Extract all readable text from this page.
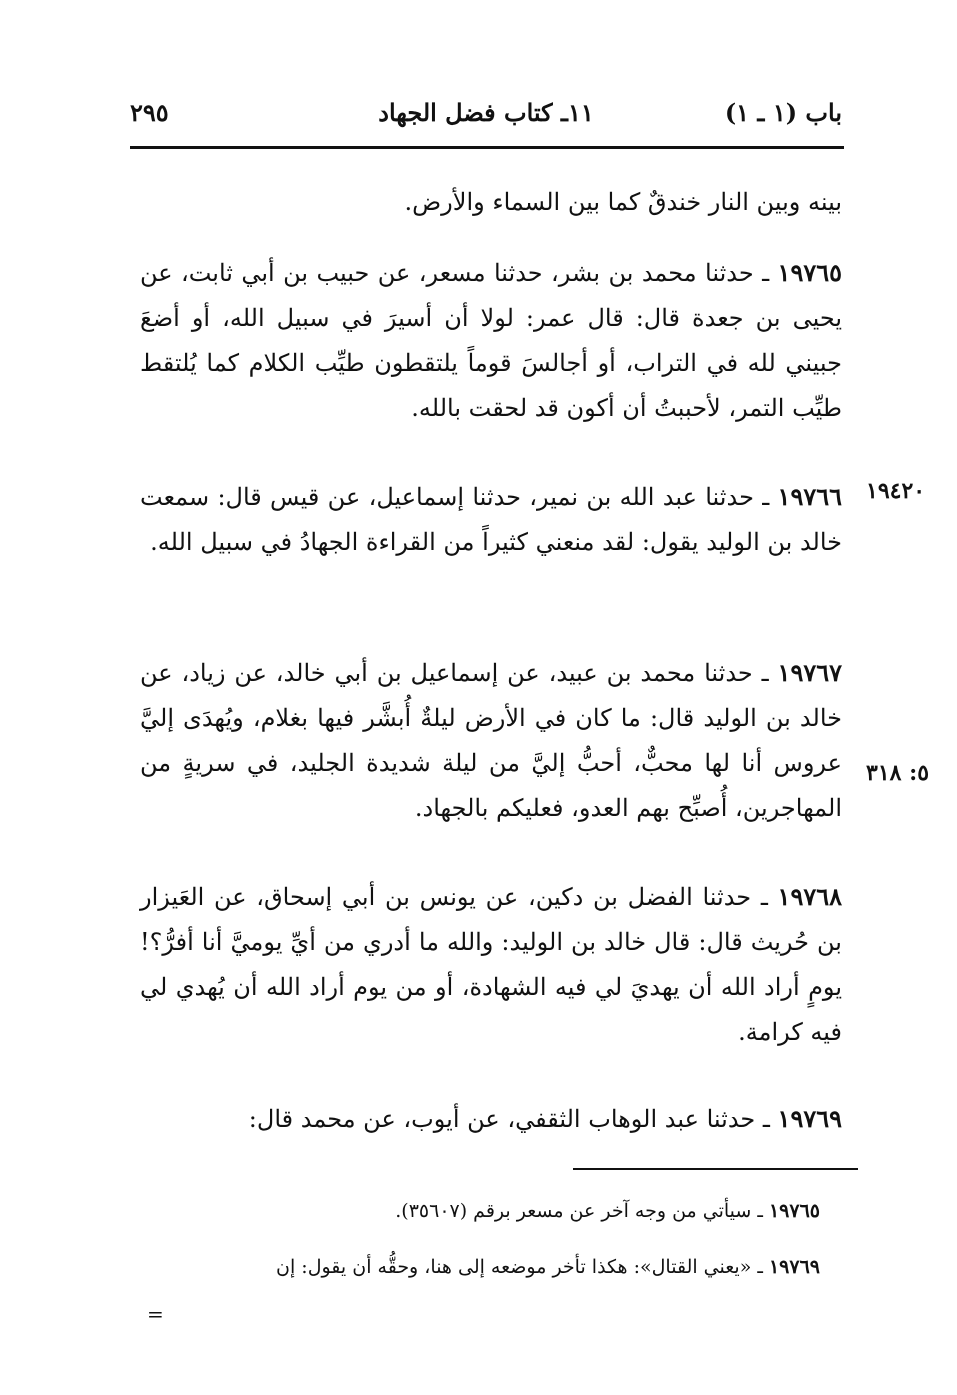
باب (١ ـ ١)
١١ـ كتاب فضل الجهاد
٢٩٥
بينه وبين النار خندقٌ كما بين السماء والأرض.
١٩٧٦٥ ـ حدثنا محمد بن بشر، حدثنا مسعر، عن حبيب بن أبي ثابت، عن يحيى بن جعدة قال: قال عمر: لولا أن أسيرَ في سبيل الله، أو أضعَ جبيني لله في التراب، أو أجالسَ قوماً يلتقطون طيِّب الكلام كما يُلتقط طيِّب التمر، لأحببتُ أن أكون قد لحقت بالله.
١٩٧٦٦ ـ حدثنا عبد الله بن نمير، حدثنا إسماعيل، عن قيس قال: سمعت خالد بن الوليد يقول: لقد منعني كثيراً من القراءة الجهادُ في سبيل الله.
١٩٧٦٧ ـ حدثنا محمد بن عبيد، عن إسماعيل بن أبي خالد، عن زياد، عن خالد بن الوليد قال: ما كان في الأرض ليلةٌ أُبشَّر فيها بغلام، ويُهدَى إليَّ عروس أنا لها محبٌّ، أحبُّ إليَّ من ليلة شديدة الجليد، في سريةٍ من المهاجرين، أُصبِّح بهم العدو، فعليكم بالجهاد.
١٩٧٦٨ ـ حدثنا الفضل بن دكين، عن يونس بن أبي إسحاق، عن العَيزار بن حُريث قال: قال خالد بن الوليد: والله ما أدري من أيِّ يوميَّ أنا أفرُّ؟! يومٍ أراد الله أن يهديَ لي فيه الشهادة، أو من يوم أراد الله أن يُهدي لي فيه كرامة.
١٩٧٦٩ ـ حدثنا عبد الوهاب الثقفي، عن أيوب، عن محمد قال:
١٩٤٢٠
٥: ٣١٨
١٩٧٦٥ ـ سيأتي من وجه آخر عن مسعر برقم (٣٥٦٠٧).
١٩٧٦٩ ـ «يعني القتال»: هكذا تأخر موضعه إلى هنا، وحقُّه أن يقول: إن
=
